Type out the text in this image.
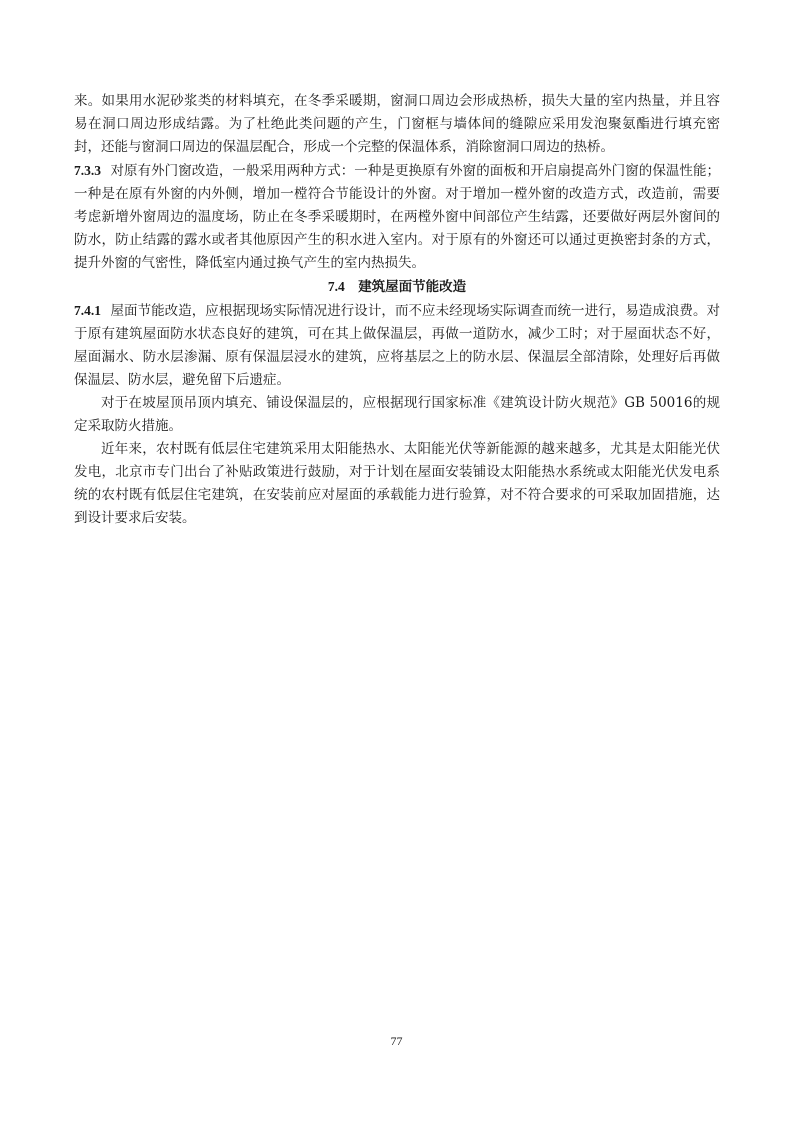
来。如果用水泥砂浆类的材料填充，在冬季采暖期，窗洞口周边会形成热桥，损失大量的室内热量，并且容易在洞口周边形成结露。为了杜绝此类问题的产生，门窗框与墙体间的缝隙应采用发泡聚氨酯进行填充密封，还能与窗洞口周边的保温层配合，形成一个完整的保温体系，消除窗洞口周边的热桥。

7.3.3 对原有外门窗改造，一般采用两种方式：一种是更换原有外窗的面板和开启扇提高外门窗的保温性能；一种是在原有外窗的内外侧，增加一樘符合节能设计的外窗。对于增加一樘外窗的改造方式，改造前，需要考虑新增外窗周边的温度场，防止在冬季采暖期时，在两樘外窗中间部位产生结露，还要做好两层外窗间的防水，防止结露的露水或者其他原因产生的积水进入室内。对于原有的外窗还可以通过更换密封条的方式，提升外窗的气密性，降低室内通过换气产生的室内热损失。

7.4 建筑屋面节能改造

7.4.1 屋面节能改造，应根据现场实际情况进行设计，而不应未经现场实际调查而统一进行，易造成浪费。对于原有建筑屋面防水状态良好的建筑，可在其上做保温层，再做一道防水，减少工时；对于屋面状态不好，屋面漏水、防水层渗漏、原有保温层浸水的建筑，应将基层之上的防水层、保温层全部清除，处理好后再做保温层、防水层，避免留下后遗症。

对于在坡屋顶吊顶内填充、铺设保温层的，应根据现行国家标准《建筑设计防火规范》GB 50016的规定采取防火措施。

近年来，农村既有低层住宅建筑采用太阳能热水、太阳能光伏等新能源的越来越多，尤其是太阳能光伏发电，北京市专门出台了补贴政策进行鼓励，对于计划在屋面安装铺设太阳能热水系统或太阳能光伏发电系统的农村既有低层住宅建筑，在安装前应对屋面的承载能力进行验算，对不符合要求的可采取加固措施，达到设计要求后安装。

77
